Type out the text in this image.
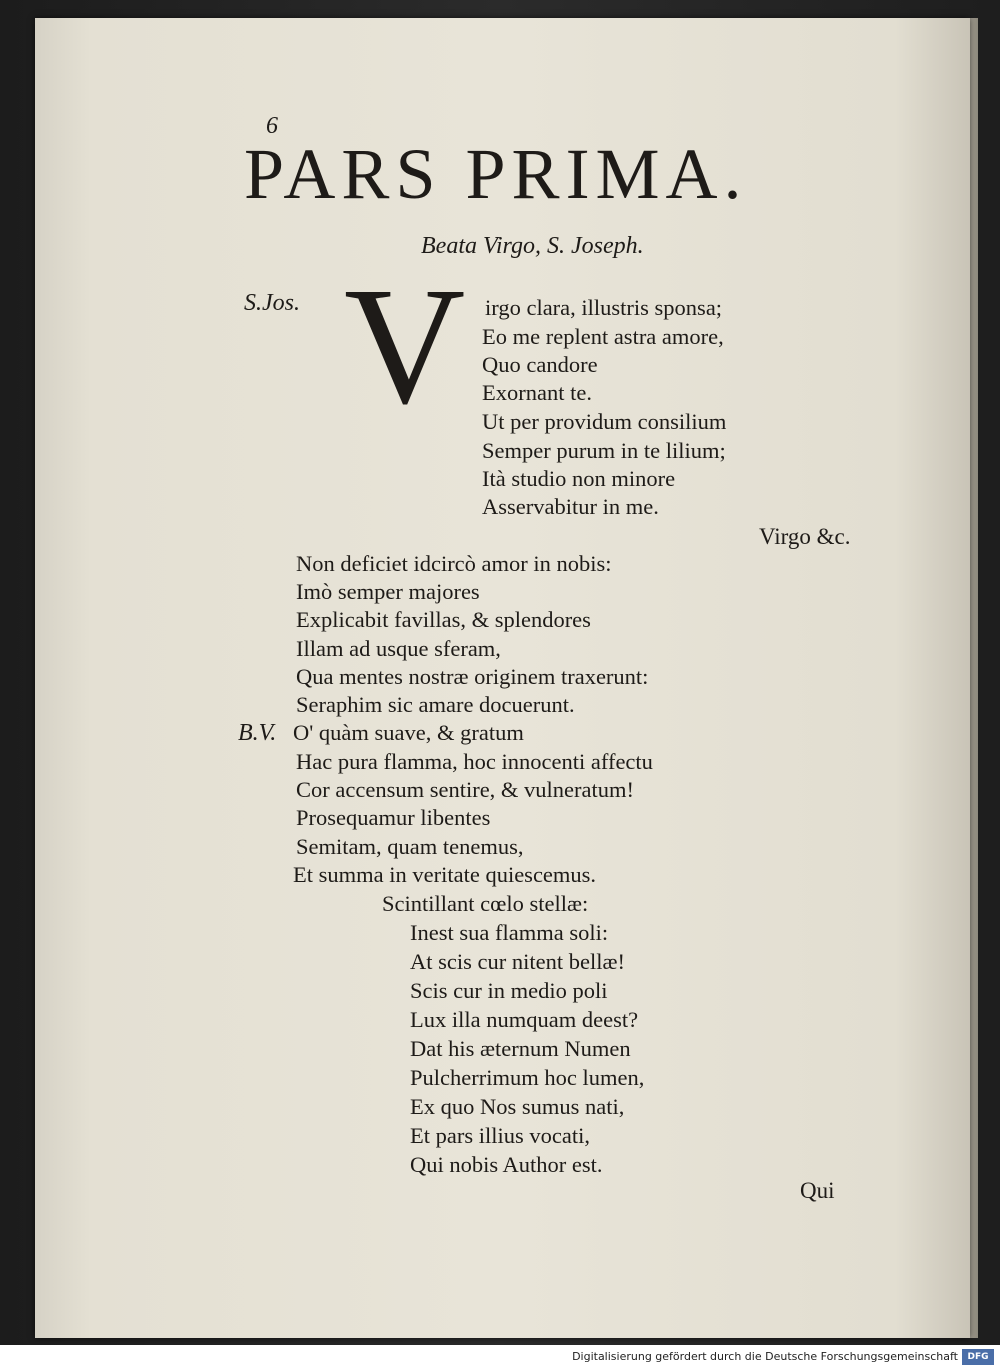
6
PARS PRIMA.
Beata Virgo, S. Joseph.
S.Jos. V irgo clara, illustris sponsa;
Eo me replent astra amore,
Quo candore
Exornant te.
Ut per providum consilium
Semper purum in te lilium;
Ità studio non minore
Asservabitur in me.
Virgo &c.
Non deficiet idcircò amor in nobis:
Imò semper majores
Explicabit favillas, & splendores
Illam ad usque sferam,
Qua mentes nostræ originem traxerunt:
Seraphim sic amare docuerunt.
B.V. O' quàm suave, & gratum
Hac pura flamma, hoc innocenti affectu
Cor accensum sentire, & vulneratum!
Prosequamur libentes
Semitam, quam tenemus,
Et summa in veritate quiescemus.
Scintillant cœlo stellæ:
Inest sua flamma soli:
At scis cur nitent bellæ!
Scis cur in medio poli
Lux illa numquam deest?
Dat his æternum Numen
Pulcherrimum hoc lumen,
Ex quo Nos sumus nati,
Et pars illius vocati,
Qui nobis Author est.
Qui
Digitalisierung gefördert durch die Deutsche Forschungsgemeinschaft	DFG
